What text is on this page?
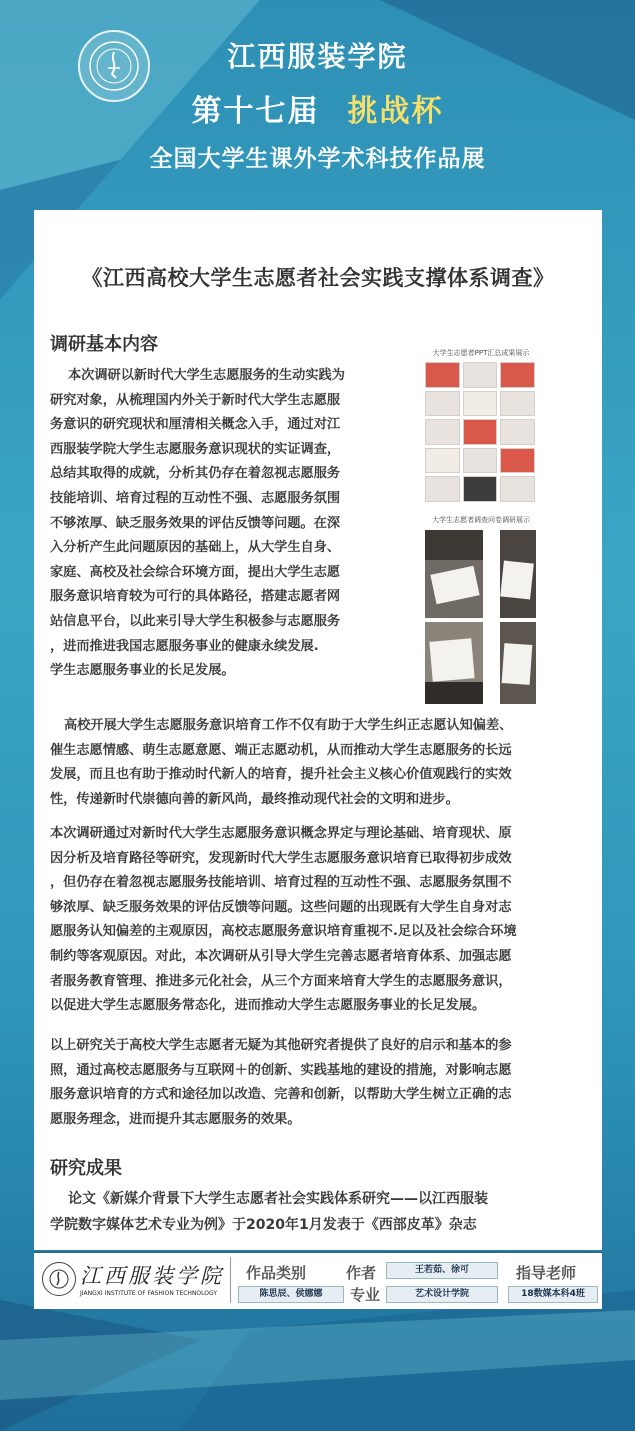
江西服装学院
第十七届 挑战杯
全国大学生课外学术科技作品展
《江西高校大学生志愿者社会实践支撑体系调查》
调研基本内容
本次调研以新时代大学生志愿服务的生动实践为
研究对象，从梳理国内外关于新时代大学生志愿服
务意识的研究现状和厘清相关概念入手，通过对江
西服装学院大学生志愿服务意识现状的实证调查，
总结其取得的成就，分析其仍存在着忽视志愿服务
技能培训、培育过程的互动性不强、志愿服务氛围
不够浓厚、缺乏服务效果的评估反馈等问题。在深
入分析产生此问题原因的基础上，从大学生自身、
家庭、高校及社会综合环境方面，提出大学生志愿
服务意识培育较为可行的具体路径，搭建志愿者网
站信息平台，以此来引导大学生积极参与志愿服务
，进而推进我国志愿服务事业的健康永续发展.
学生志愿服务事业的长足发展。
大学生志愿者PPT汇总成果展示
大学生志愿者调查问卷调研展示
高校开展大学生志愿服务意识培育工作不仅有助于大学生纠正志愿认知偏差、
催生志愿情感、萌生志愿意愿、端正志愿动机，从而推动大学生志愿服务的长远
发展，而且也有助于推动时代新人的培育，提升社会主义核心价值观践行的实效
性，传递新时代崇德向善的新风尚，最终推动现代社会的文明和进步。
本次调研通过对新时代大学生志愿服务意识概念界定与理论基础、培育现状、原
因分析及培育路径等研究，发现新时代大学生志愿服务意识培育已取得初步成效
，但仍存在着忽视志愿服务技能培训、培育过程的互动性不强、志愿服务氛围不
够浓厚、缺乏服务效果的评估反馈等问题。这些问题的出现既有大学生自身对志
愿服务认知偏差的主观原因，高校志愿服务意识培育重视不.足以及社会综合环境
制约等客观原因。对此，本次调研从引导大学生完善志愿者培育体系、加强志愿
者服务教育管理、推进多元化社会，从三个方面来培育大学生的志愿服务意识，
以促进大学生志愿服务常态化，进而推动大学生志愿服务事业的长足发展。
以上研究关于高校大学生志愿者无疑为其他研究者提供了良好的启示和基本的参
照，通过高校志愿服务与互联网＋的创新、实践基地的建设的措施，对影响志愿
服务意识培育的方式和途径加以改造、完善和创新，以帮助大学生树立正确的志
愿服务理念，进而提升其志愿服务的效果。
研究成果
论文《新媒介背景下大学生志愿者社会实践体系研究——以江西服装
学院数字媒体艺术专业为例》于2020年1月发表于《西部皮革》杂志
江西服装学院
JIANGXI INSTITUTE OF FASHION TECHNOLOGY
作品类别	作者	王若茹、徐可	指导老师
陈思辰、侯娜娜	专业	艺术设计学院	18数媒本科4班
